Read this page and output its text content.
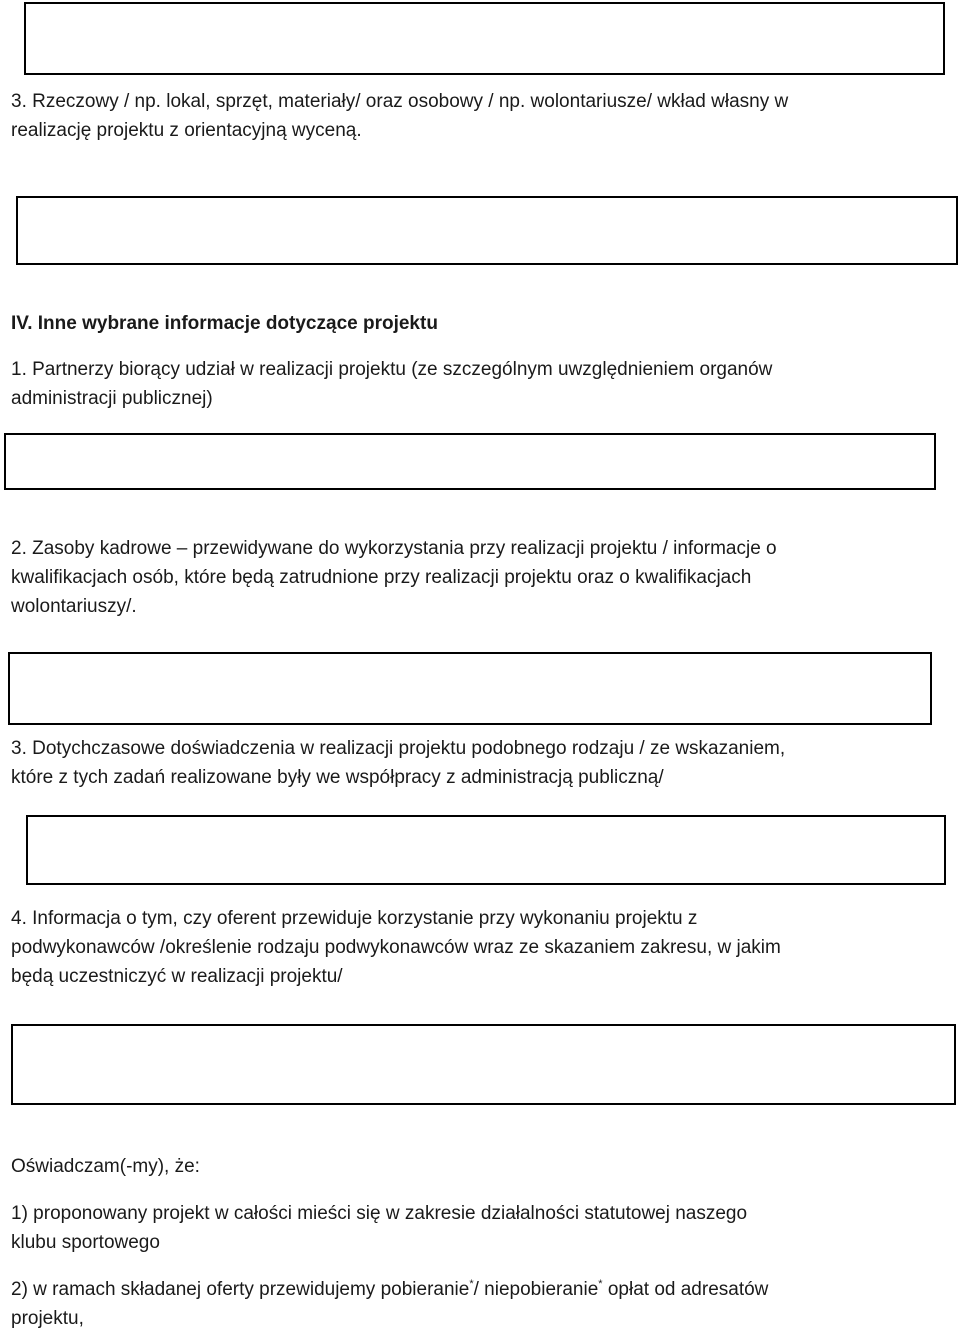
3. Rzeczowy / np. lokal, sprzęt, materiały/ oraz osobowy / np. wolontariusze/ wkład własny w

realizację projektu z orientacyjną wyceną.

IV. Inne wybrane informacje dotyczące projektu

1. Partnerzy biorący udział w realizacji projektu (ze szczególnym uwzględnieniem organów

administracji publicznej)

2. Zasoby kadrowe – przewidywane do wykorzystania przy realizacji projektu / informacje o

kwalifikacjach osób, które będą zatrudnione przy realizacji projektu oraz o kwalifikacjach

wolontariuszy/.

3. Dotychczasowe doświadczenia w realizacji projektu podobnego rodzaju / ze wskazaniem,

które z tych zadań realizowane były we współpracy z administracją publiczną/

4. Informacja o tym, czy oferent przewiduje korzystanie przy wykonaniu projektu z

podwykonawców /określenie rodzaju podwykonawców wraz ze skazaniem zakresu, w jakim

będą uczestniczyć w realizacji projektu/

Oświadczam(-my), że:

1) proponowany projekt w całości mieści się w zakresie działalności statutowej naszego

klubu sportowego

2) w ramach składanej oferty przewidujemy pobieranie*/ niepobieranie* opłat od adresatów

projektu,
